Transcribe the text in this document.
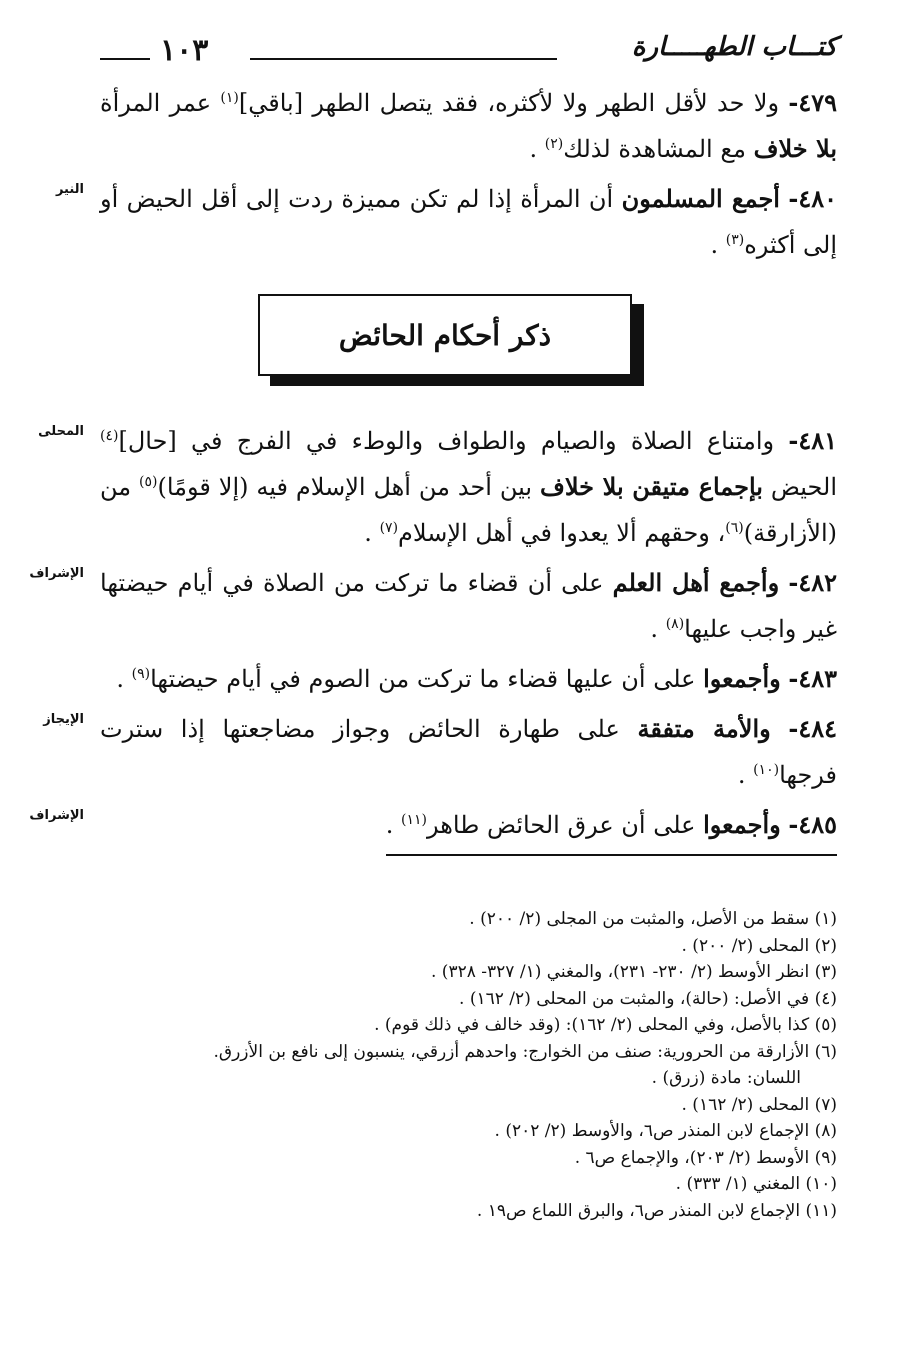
١٠٣	كتـــاب الطهـــــارة
٤٧٩- ولا حد لأقل الطهر ولا لأكثره، فقد يتصل الطهر [باقي]$^{(١)}$ عمر المرأة بلا خلاف مع المشاهدة لذلك$^{(٢)}$ .
٤٨٠- أجمع المسلمون أن المرأة إذا لم تكن مميزة ردت إلى أقل الحيض أو إلى أكثره$^{(٣)}$ .
النير
ذكر أحكام الحائض
٤٨١- وامتناع الصلاة والصيام والطواف والوطء في الفرج في [حال]$^{(٤)}$ الحيض بإجماع متيقن بلا خلاف بين أحد من أهل الإسلام فيه (إلا قومًا)$^{(٥)}$ من (الأزارقة)$^{(٦)}$، وحقهم ألا يعدوا في أهل الإسلام$^{(٧)}$ .
المحلى
٤٨٢- وأجمع أهل العلم على أن قضاء ما تركت من الصلاة في أيام حيضتها غير واجب عليها$^{(٨)}$ .
الإشراف
٤٨٣- وأجمعوا على أن عليها قضاء ما تركت من الصوم في أيام حيضتها$^{(٩)}$ .
٤٨٤- والأمة متفقة على طهارة الحائض وجواز مضاجعتها إذا سترت فرجها$^{(١٠)}$ .
الإيجاز
٤٨٥- وأجمعوا على أن عرق الحائض طاهر$^{(١١)}$ .
الإشراف
(١) سقط من الأصل، والمثبت من المجلى (٢/ ٢٠٠) .
(٢) المحلى (٢/ ٢٠٠) .
(٣) انظر الأوسط (٢/ ٢٣٠- ٢٣١)، والمغني (١/ ٣٢٧- ٣٢٨) .
(٤) في الأصل: (حالة)، والمثبت من المحلى (٢/ ١٦٢) .
(٥) كذا بالأصل، وفي المحلى (٢/ ١٦٢): (وقد خالف في ذلك قوم) .
(٦) الأزارقة من الحرورية: صنف من الخوارج: واحدهم أزرقي، ينسبون إلى نافع بن الأزرق.
اللسان: مادة (زرق) .
(٧) المحلى (٢/ ١٦٢) .
(٨) الإجماع لابن المنذر ص٦، والأوسط (٢/ ٢٠٢) .
(٩) الأوسط (٢/ ٢٠٣)، والإجماع ص٦ .
(١٠) المغني (١/ ٣٣٣) .
(١١) الإجماع لابن المنذر ص٦، والبرق اللماع ص١٩ .
